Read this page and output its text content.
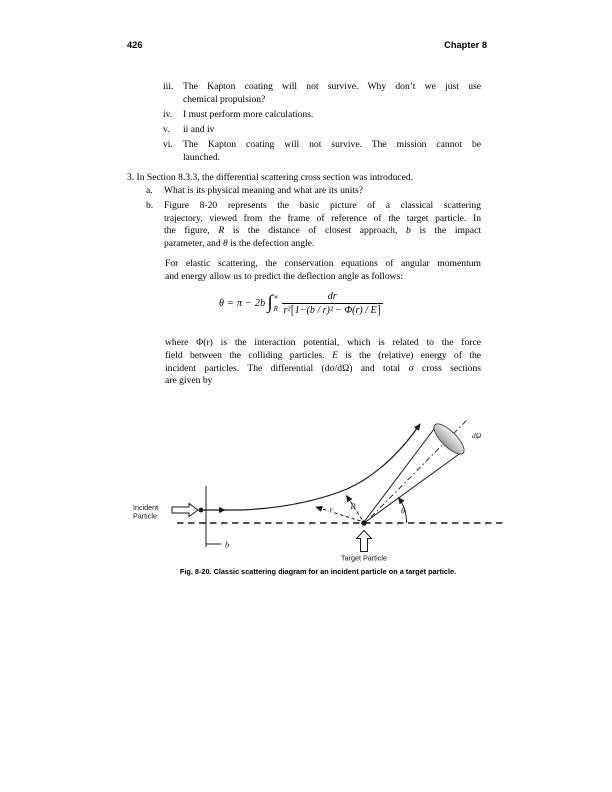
426	Chapter 8
iii. The Kapton coating will not survive. Why don’t we just use
chemical propulsion?
iv. I must perform more calculations.
v. ii and iv
vi. The Kapton coating will not survive. The mission cannot be
launched.
3. In Section 8.3.3, the differential scattering cross section was introduced.
a. What is its physical meaning and what are its units?
b. Figure 8-20 represents the basic picture of a classical scattering
trajectory, viewed from the frame of reference of the target particle. In
the figure, R is the distance of closest approach, b is the impact
parameter, and θ is the defection angle.
For elastic scattering, the conservation equations of angular momentum
and energy allow us to predict the deflection angle as follows:
θ = π − 2b ∫ ∞
R $\frac{dr}{\text{r²[1−(b / r)² − Φ(r) / E]}}$
where Φ(r) is the interaction potential, which is related to the force
field between the colliding particles. E is the (relative) energy of the
incident particles. The differential (dσ/dΩ) and total σ cross sections
are given by
b
Incident
Particle
dΩ
θ
R
r
Target Particle
Fig. 8-20. Classic scattering diagram for an incident particle on a target particle.
